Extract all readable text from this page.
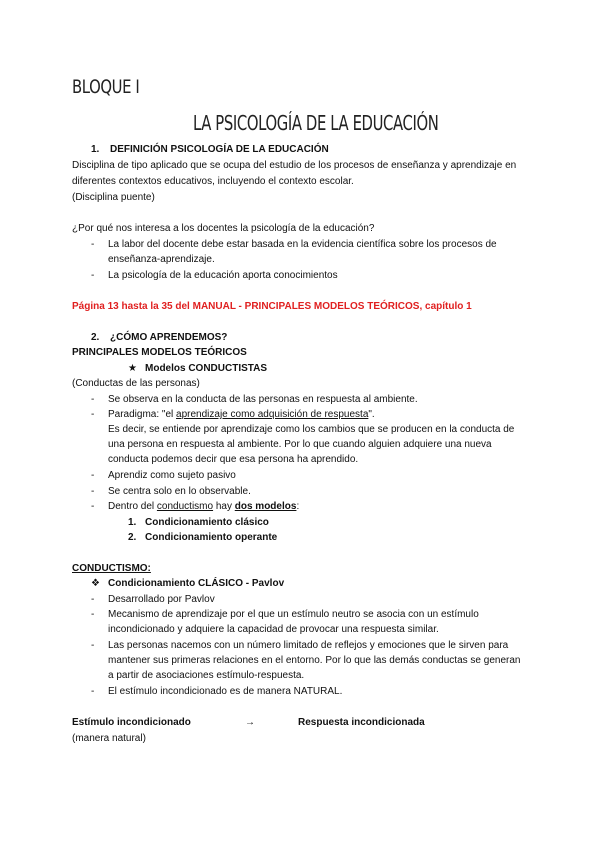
BLOQUE I
LA PSICOLOGÍA DE LA EDUCACIÓN
1. DEFINICIÓN PSICOLOGÍA DE LA EDUCACIÓN
Disciplina de tipo aplicado que se ocupa del estudio de los procesos de enseñanza y aprendizaje en
diferentes contextos educativos, incluyendo el contexto escolar.
(Disciplina puente)
¿Por qué nos interesa a los docentes la psicología de la educación?
- La labor del docente debe estar basada en la evidencia científica sobre los procesos de
enseñanza-aprendizaje.
- La psicología de la educación aporta conocimientos
Página 13 hasta la 35 del MANUAL - PRINCIPALES MODELOS TEÓRICOS, capítulo 1
2. ¿CÓMO APRENDEMOS?
PRINCIPALES MODELOS TEÓRICOS
★ Modelos CONDUCTISTAS
(Conductas de las personas)
- Se observa en la conducta de las personas en respuesta al ambiente.
- Paradigma: "el aprendizaje como adquisición de respuesta".
Es decir, se entiende por aprendizaje como los cambios que se producen en la conducta de
una persona en respuesta al ambiente. Por lo que cuando alguien adquiere una nueva
conducta podemos decir que esa persona ha aprendido.
- Aprendiz como sujeto pasivo
- Se centra solo en lo observable.
- Dentro del conductismo hay dos modelos:
1. Condicionamiento clásico
2. Condicionamiento operante
CONDUCTISMO:
❖ Condicionamiento CLÁSICO - Pavlov
- Desarrollado por Pavlov
- Mecanismo de aprendizaje por el que un estímulo neutro se asocia con un estímulo
incondicionado y adquiere la capacidad de provocar una respuesta similar.
- Las personas nacemos con un número limitado de reflejos y emociones que le sirven para
mantener sus primeras relaciones en el entorno. Por lo que las demás conductas se generan
a partir de asociaciones estímulo-respuesta.
- El estímulo incondicionado es de manera NATURAL.
Estímulo incondicionado	→	Respuesta incondicionada
(manera natural)
